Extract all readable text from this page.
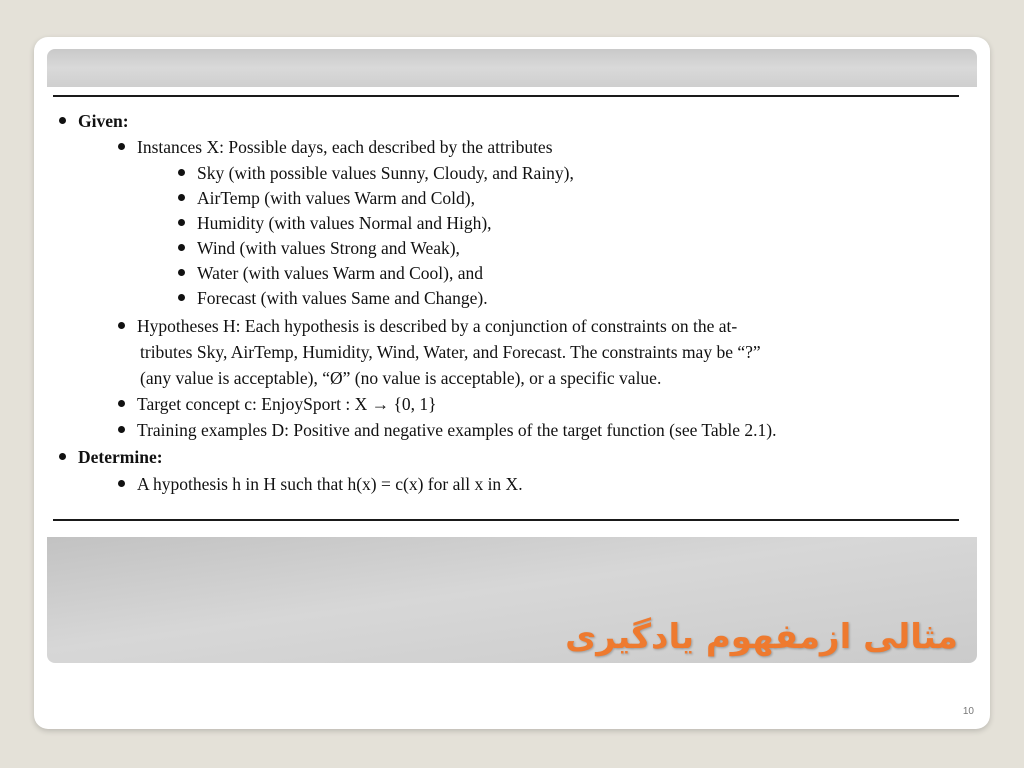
Given:
Instances X: Possible days, each described by the attributes
Sky (with possible values Sunny, Cloudy, and Rainy),
AirTemp (with values Warm and Cold),
Humidity (with values Normal and High),
Wind (with values Strong and Weak),
Water (with values Warm and Cool), and
Forecast (with values Same and Change).
Hypotheses H: Each hypothesis is described by a conjunction of constraints on the at-
tributes Sky, AirTemp, Humidity, Wind, Water, and Forecast. The constraints may be “?”
(any value is acceptable), “Ø” (no value is acceptable), or a specific value.
Target concept c: EnjoySport : X → {0, 1}
Training examples D: Positive and negative examples of the target function (see Table 2.1).
Determine:
A hypothesis h in H such that h(x) = c(x) for all x in X.
مثالی ازمفهوم یادگیری
10
